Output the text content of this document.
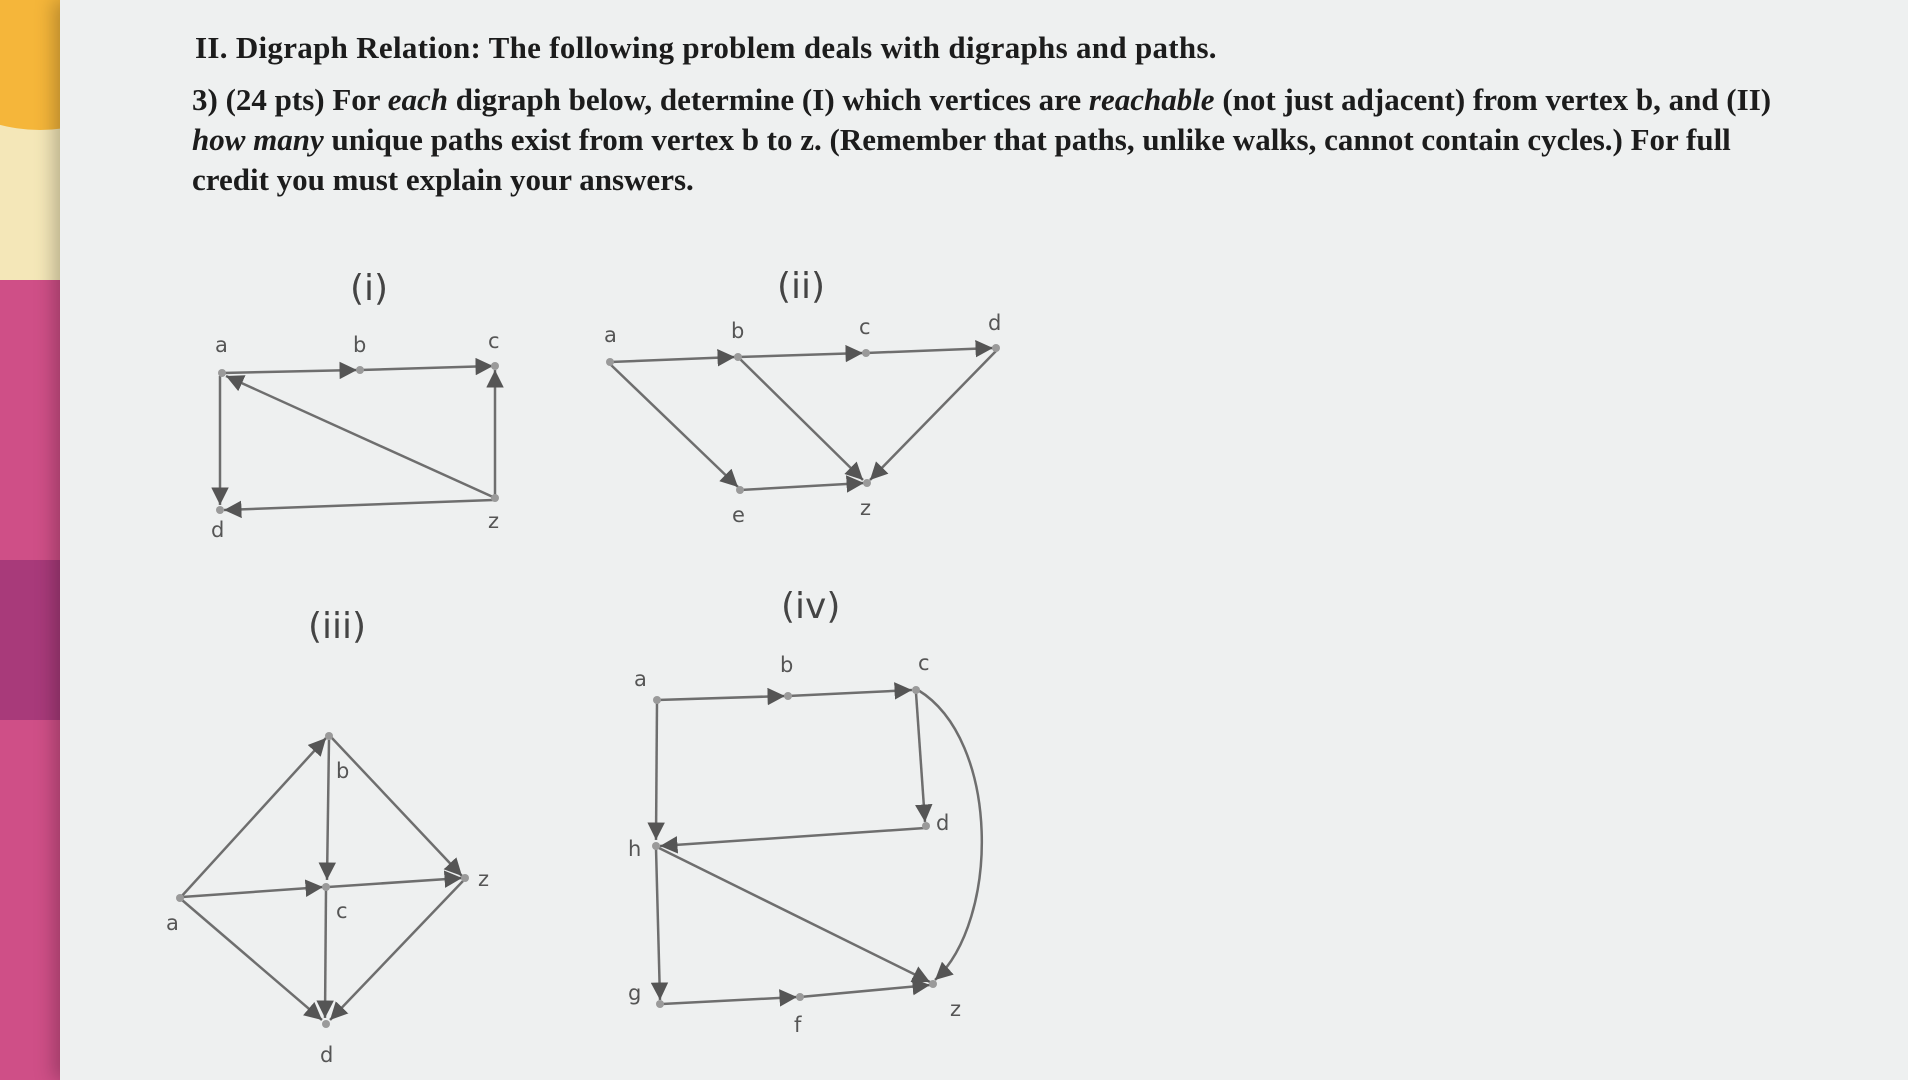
II. Digraph Relation: The following problem deals with digraphs and paths.
3) (24 pts) For each digraph below, determine (I) which vertices are reachable (not just adjacent) from vertex b, and (II) how many unique paths exist from vertex b to z. (Remember that paths, unlike walks, cannot contain cycles.) For full credit you must explain your answers.
(i)
a	b	c
d	z
(ii)
a	b	c	d
e	z
(iii)
a
b
c
d
z
(iv)
a
b	c
d
f
g
h
z
